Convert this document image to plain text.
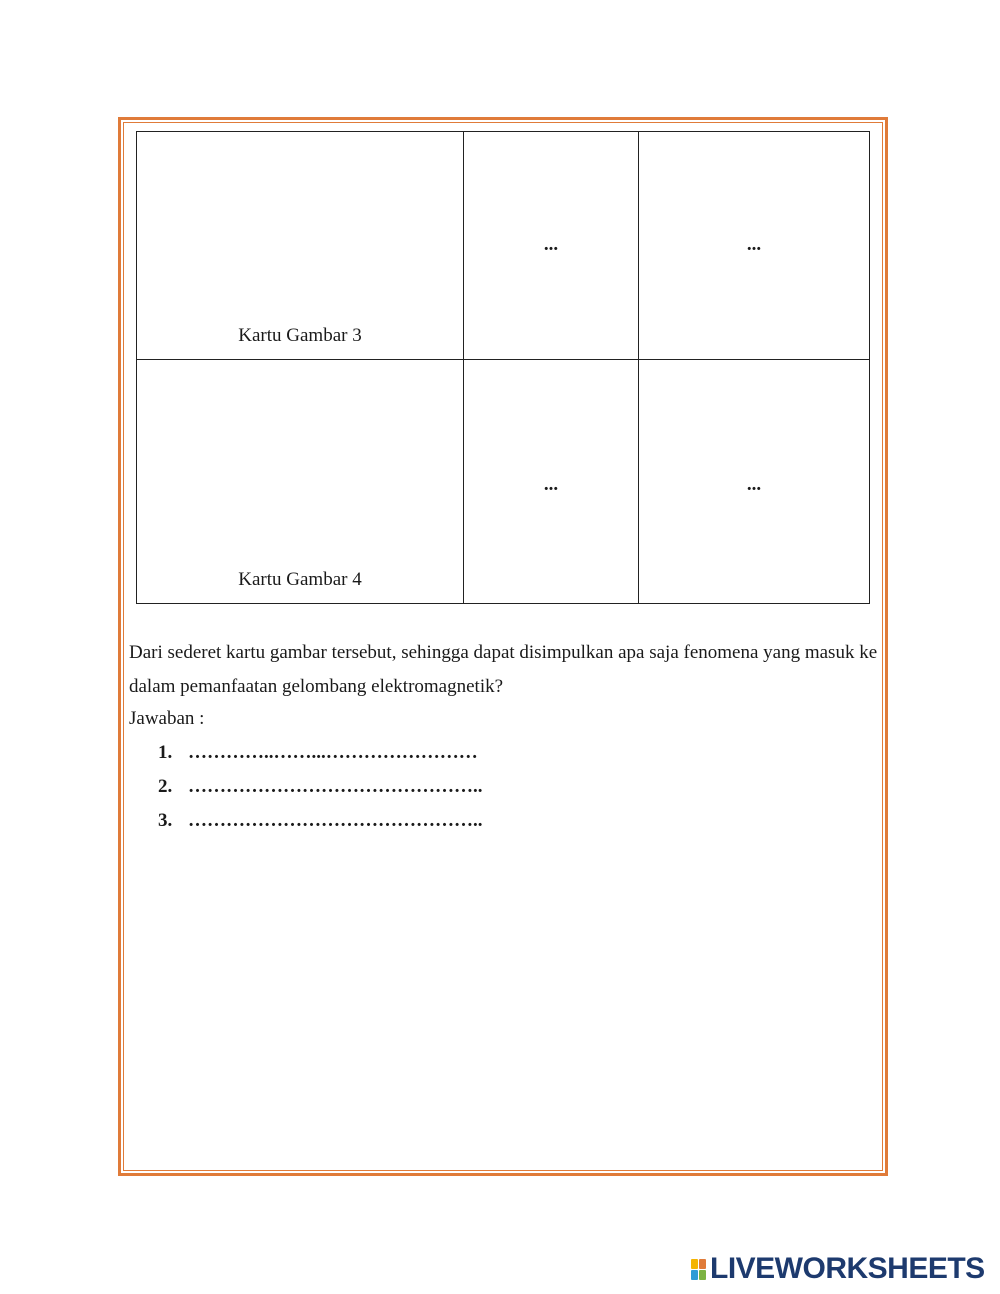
Kartu Gambar 3	...	...

Kartu Gambar 4	...	...

Dari sederet kartu gambar tersebut, sehingga dapat disimpulkan apa saja fenomena yang masuk ke dalam pemanfaatan gelombang elektromagnetik?

Jawaban :
1. …………..……...……………………
2. ………………………………………..
3. ………………………………………..
LIVEWORKSHEETS
